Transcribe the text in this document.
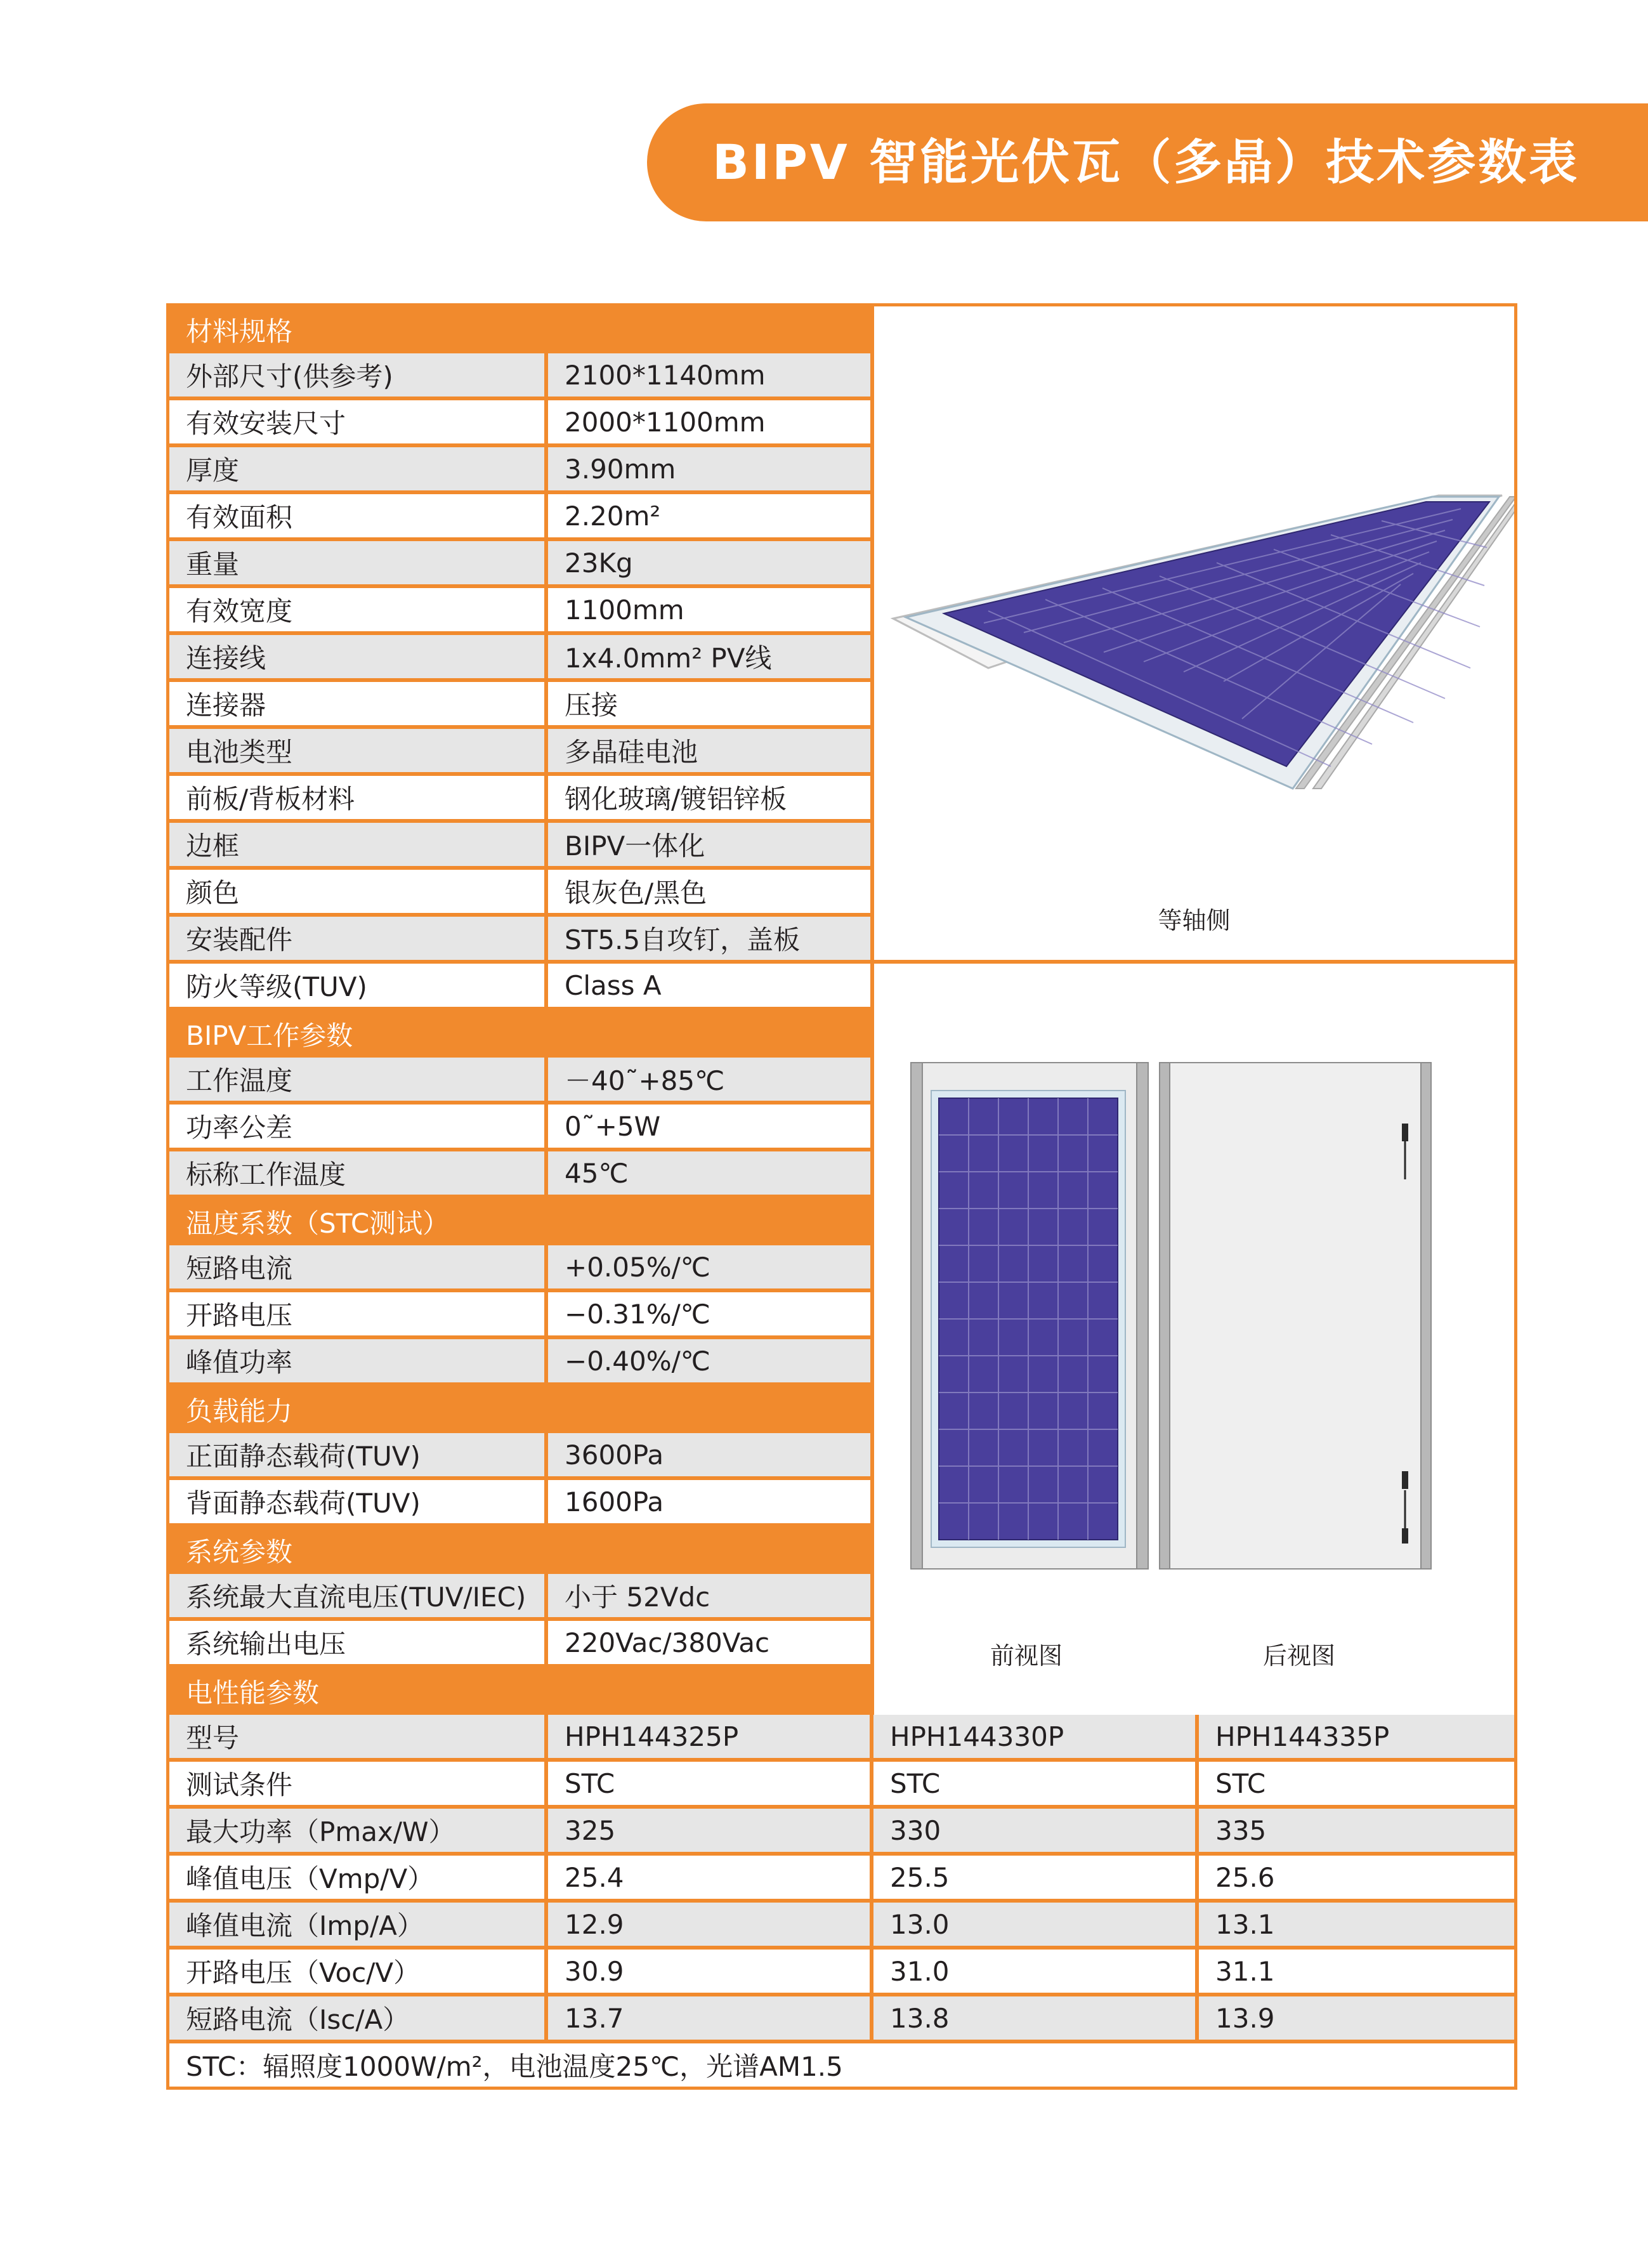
BIPV 智能光伏瓦（多晶）技术参数表
材料规格
外部尺寸(供参考)	2100*1140mm
有效安装尺寸	2000*1100mm
厚度	3.90mm
有效面积	2.20m²
重量	23Kg
有效宽度	1100mm
连接线	1x4.0mm² PV线
连接器	压接
电池类型	多晶硅电池
前板/背板材料	钢化玻璃/镀铝锌板
边框	BIPV一体化
颜色	银灰色/黑色
安装配件	ST5.5自攻钉，盖板
防火等级(TUV)	Class A
BIPV工作参数
工作温度	－40˜+85℃
功率公差	0˜+5W
标称工作温度	45℃
温度系数（STC测试）
短路电流	+0.05%/℃
开路电压	−0.31%/℃
峰值功率	−0.40%/℃
负载能力
正面静态载荷(TUV)	3600Pa
背面静态载荷(TUV)	1600Pa
系统参数
系统最大直流电压(TUV/IEC)	小于 52Vdc
系统输出电压	220Vac/380Vac
电性能参数
型号	HPH144325P	HPH144330P	HPH144335P
测试条件	STC	STC	STC
最大功率（Pmax/W）	325	330	335
峰值电压（Vmp/V）	25.4	25.5	25.6
峰值电流（Imp/A）	12.9	13.0	13.1
开路电压（Voc/V）	30.9	31.0	31.1
短路电流（Isc/A）	13.7	13.8	13.9
STC：辐照度1000W/m²，电池温度25℃，光谱AM1.5
等轴侧
前视图	后视图
